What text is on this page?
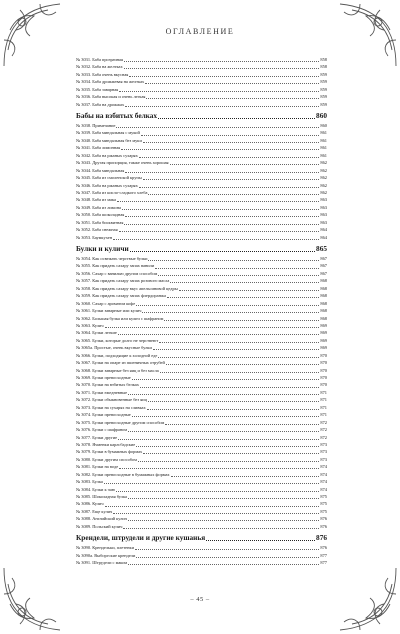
ОГЛАВЛЕНИЕ
№ 3031. Баба прозрачная	858
№ 3032. Баба на желтках	858
№ 3033. Баба очень вкусная	859
№ 3034. Баба дрожжевая на желтках	859
№ 3035. Баба заварная	859
№ 3036. Баба высокая и очень легкая	859
№ 3037. Баба на дрожжах	859
Бабы на взбитых белках	860
№ 3038. Примечание	860
№ 3039. Баба миндальная с мукой	861
№ 3040. Баба миндальная без муки	861
№ 3041. Баба лимонная	861
№ 3042. Баба на ржаных сухарях	861
№ 3043. Другая пропорция, также очень хорошая	862
№ 3044. Баба миндальная	862
№ 3045. Баба из смоленской крупы	862
№ 3046. Баба на ржаных сухарях	862
№ 3047. Баба из кисло-сладкого хлеба	862
№ 3048. Баба из мака	863
№ 3049. Баба из лимона	863
№ 3050. Баба шоколадная	863
№ 3051. Баба бисквитная	863
№ 3052. Баба снежная	864
№ 3053. Баумкухен	864
Булки и куличи	865
№ 3054. Как освежать черствые булки	867
№ 3055. Как придать сахару запах ванили	867
№ 3056. Сахар с ванилью другим способом	867
№ 3057. Как придать сахару запах розового масла	868
№ 3058. Как придать сахару вкус апельсиновой цедры	868
№ 3059. Как придать сахару запах флердоранжа	868
№ 3060. Сахар с ароматом кофе	868
№ 3061. Булки заварные или кулич	868
№ 3062. Большая булка или кулич с шафраном	868
№ 3063. Кулич	869
№ 3064. Булки легкие	869
№ 3065. Булки, которые долго не черствеют	869
№ 3065а. Простые, очень вкусные булки	869
№ 3066. Булки, подходящие к холодной еде	870
№ 3067. Булки на опаре из пшеничных отрубей	870
№ 3068. Булки заварные без яиц и без масла	870
№ 3069. Булки превосходные	870
№ 3070. Булки на взбитых белках	870
№ 3071. Булки ежедневные	871
№ 3072. Булки обыкновенные без яиц	871
№ 3073. Булки на сухарях на сливках	871
№ 3074. Булки превосходные	871
№ 3075. Булки превосходные другим способом	872
№ 3076. Булки с шафраном	872
№ 3077. Булки другие	872
№ 3078. Ячменки карлсбадские	873
№ 3079. Булки в бумажных формах	873
№ 3080. Булки другим способом	873
№ 3081. Булки на воде	874
№ 3082. Булки превосходные в бумажных формах	874
№ 3083. Булка	874
№ 3084. Булки к чаю	874
№ 3085. Шоколадная булка	875
№ 3086. Кулич	875
№ 3087. Еще кулич	875
№ 3088. Английский кулич	876
№ 3089. Польский кулич	876
Крендели, штрудели и другие кушанья	876
№ 3090. Крендельки, плетенки	876
№ 3090а. Выборгские крендели	877
№ 3091. Штрудели с маком	877
– 45 –
